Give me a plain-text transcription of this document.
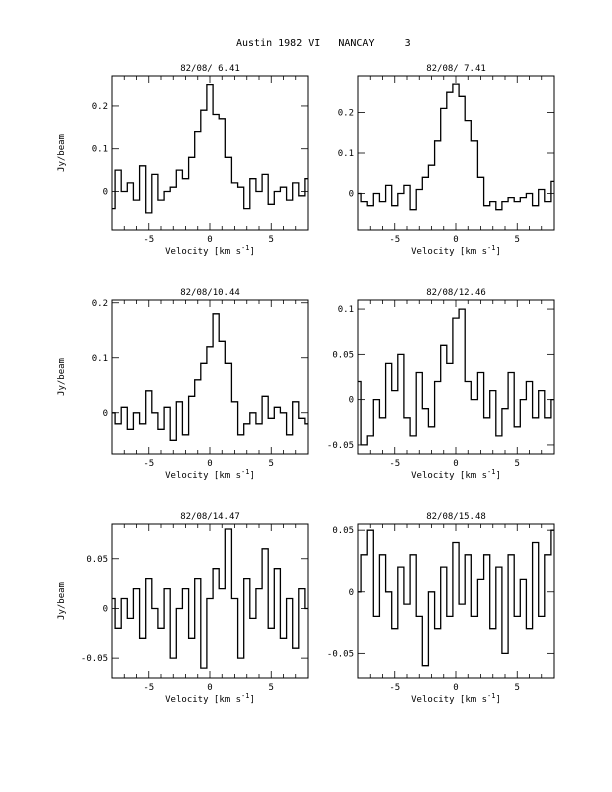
Austin 1982 VI   NANCAY     3
82/08/ 6.41
-5	0	5
0
0.1
0.2
Velocity [km $s^{-1}$]
Jy/beam
82/08/ 7.41
-5	0	5
0
0.1
0.2
Velocity [km $s^{-1}$]
82/08/10.44
-5	0	5
0
0.1
0.2
Velocity [km $s^{-1}$]
Jy/beam
82/08/12.46
-5	0	5
-0.05
0
0.05
0.1
Velocity [km $s^{-1}$]
82/08/14.47
-5	0	5
-0.05
0
0.05
Velocity [km $s^{-1}$]
Jy/beam
82/08/15.48
-5	0	5
-0.05
0
0.05
Velocity [km $s^{-1}$]
